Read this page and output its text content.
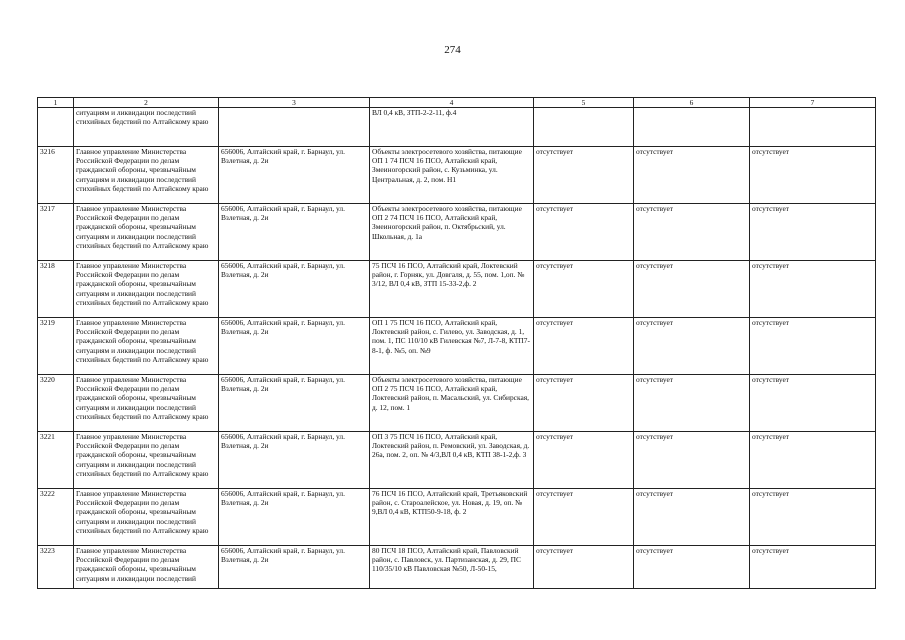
274
1	2	3	4	5	6	7
	ситуациям и ликвидации последствий стихийных бедствий по Алтайскому краю		ВЛ 0,4 кВ, ЗТП-2-2-11, ф.4			
3216	Главное управление Министерства Российской Федерации по делам гражданской обороны, чрезвычайным ситуациям и ликвидации последствий стихийных бедствий по Алтайскому краю	656006, Алтайский край, г. Барнаул, ул. Взлетная, д. 2и	Объекты электросетевого хозяйства, питающие ОП 1 74 ПСЧ 16 ПСО, Алтайский край, Змеиногорский район, с. Кузьминка, ул. Центральная, д. 2, пом. Н1	отсутствует	отсутствует	отсутствует
3217	Главное управление Министерства Российской Федерации по делам гражданской обороны, чрезвычайным ситуациям и ликвидации последствий стихийных бедствий по Алтайскому краю	656006, Алтайский край, г. Барнаул, ул. Взлетная, д. 2и	Объекты электросетевого хозяйства, питающие ОП 2 74 ПСЧ 16 ПСО, Алтайский край, Змеиногорский район, п. Октябрьский, ул. Школьная, д. 1а	отсутствует	отсутствует	отсутствует
3218	Главное управление Министерства Российской Федерации по делам гражданской обороны, чрезвычайным ситуациям и ликвидации последствий стихийных бедствий по Алтайскому краю	656006, Алтайский край, г. Барнаул, ул. Взлетная, д. 2и	75 ПСЧ 16 ПСО, Алтайский край, Локтевский район, г. Горняк, ул. Довгаля, д. 55, пом. 1,оп. № 3/12, ВЛ 0,4 кВ, ЗТП 15-33-2,ф. 2	отсутствует	отсутствует	отсутствует
3219	Главное управление Министерства Российской Федерации по делам гражданской обороны, чрезвычайным ситуациям и ликвидации последствий стихийных бедствий по Алтайскому краю	656006, Алтайский край, г. Барнаул, ул. Взлетная, д. 2и	ОП 1 75 ПСЧ 16 ПСО, Алтайский край, Локтевский район, с. Гилево, ул. Заводская, д. 1, пом. 1, ПС 110/10 кВ Гилевская №7, Л-7-8, КТП7-8-1, ф. №5, оп. №9	отсутствует	отсутствует	отсутствует
3220	Главное управление Министерства Российской Федерации по делам гражданской обороны, чрезвычайным ситуациям и ликвидации последствий стихийных бедствий по Алтайскому краю	656006, Алтайский край, г. Барнаул, ул. Взлетная, д. 2и	Объекты электросетевого хозяйства, питающие ОП 2 75 ПСЧ 16 ПСО, Алтайский край, Локтевский район, п. Масальский, ул. Сибирская, д. 12, пом. 1	отсутствует	отсутствует	отсутствует
3221	Главное управление Министерства Российской Федерации по делам гражданской обороны, чрезвычайным ситуациям и ликвидации последствий стихийных бедствий по Алтайскому краю	656006, Алтайский край, г. Барнаул, ул. Взлетная, д. 2и	ОП 3 75 ПСЧ 16 ПСО, Алтайский край, Локтевский район, п. Ремовский, ул. Заводская, д. 26а, пом. 2, оп. № 4/3,ВЛ 0,4 кВ, КТП 38-1-2,ф. 3	отсутствует	отсутствует	отсутствует
3222	Главное управление Министерства Российской Федерации по делам гражданской обороны, чрезвычайным ситуациям и ликвидации последствий стихийных бедствий по Алтайскому краю	656006, Алтайский край, г. Барнаул, ул. Взлетная, д. 2и	76 ПСЧ 16 ПСО, Алтайский край, Третьяковский район, с. Староалейское, ул. Новая, д. 19, оп. № 9,ВЛ 0,4 кВ, КТП50-9-18, ф. 2	отсутствует	отсутствует	отсутствует
3223	Главное управление Министерства Российской Федерации по делам гражданской обороны, чрезвычайным ситуациям и ликвидации последствий	656006, Алтайский край, г. Барнаул, ул. Взлетная, д. 2и	80 ПСЧ 18 ПСО, Алтайский край, Павловский район, с. Павловск, ул. Партизанская, д. 29, ПС 110/35/10 кВ Павловская №50, Л-50-15,	отсутствует	отсутствует	отсутствует
